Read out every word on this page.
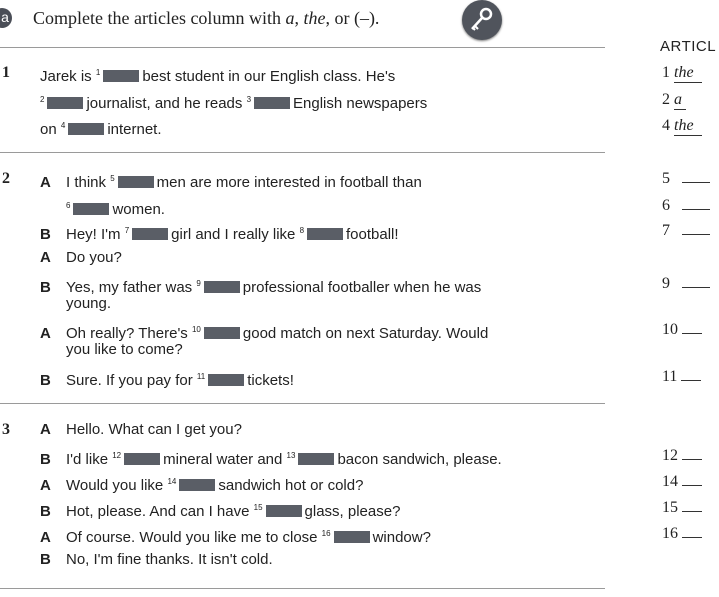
a Complete the articles column with a, the, or (–).
ARTICL
1 Jarek is $^1$	best student in our English class. He's
$^2$	journalist, and he reads $^3$	English newspapers
on $^4$	internet.
2 A I think $^5$	men are more interested in football than
$^6$	women.
B Hey! I'm $^7$	girl and I really like $^8$	football!
A Do you?
B Yes, my father was $^9$	professional footballer when he was
young.
A Oh really? There's $^{10}$	good match on next Saturday. Would
you like to come?
B Sure. If you pay for $^{11}$	tickets!
3 A Hello. What can I get you?
B I'd like $^{12}$	mineral water and $^{13}$	bacon sandwich, please.
A Would you like $^{14}$	sandwich hot or cold?
B Hot, please. And can I have $^{15}$	glass, please?
A Of course. Would you like me to close $^{16}$	window?
B No, I'm fine thanks. It isn't cold.
1 the
2 a
4 the
5
6
7
9
10
11
12
14
15
16
